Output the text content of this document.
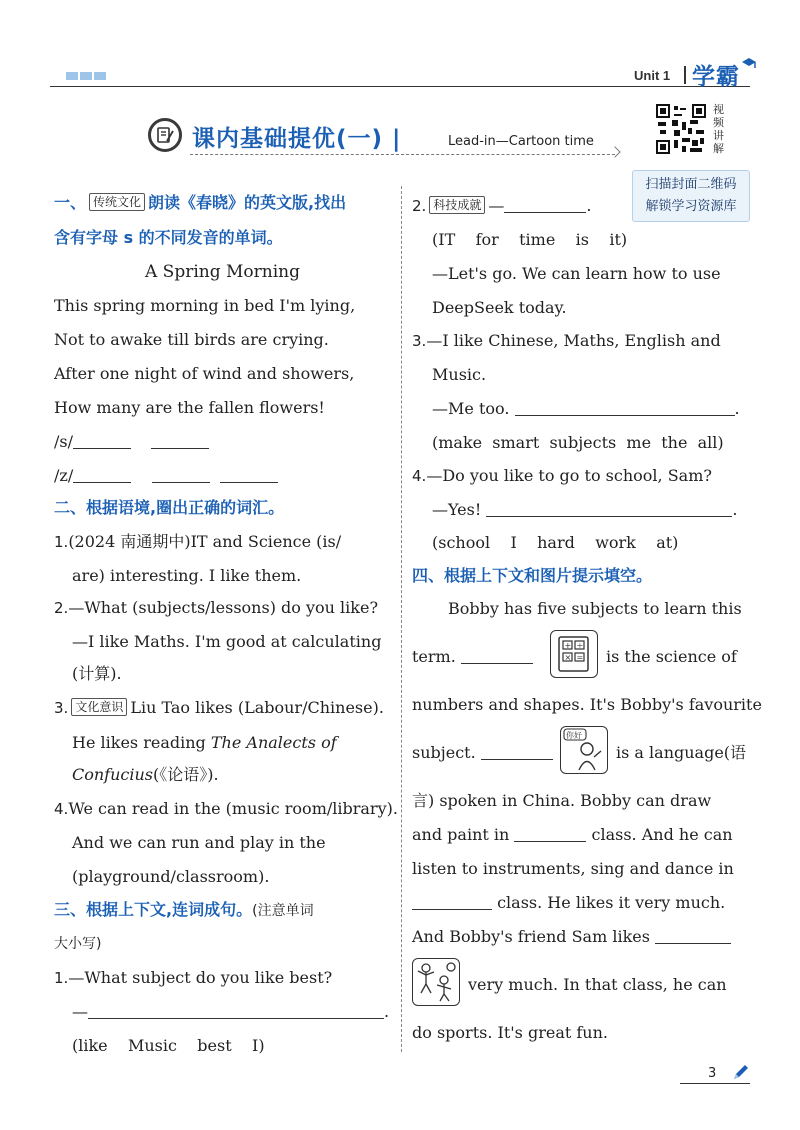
Unit 1 学霸
课内基础提优(一) |	Lead-in—Cartoon time
视
频
讲
解
扫描封面二维码
解锁学习资源库
一、 传统文化 朗读《春晓》的英文版,找出
含有字母 s 的不同发音的单词。
A Spring Morning
This spring morning in bed I'm lying,
Not to awake till birds are crying.
After one night of wind and showers,
How many are the fallen flowers!
/s/
/z/
二、根据语境,圈出正确的词汇。
1.(2024 南通期中)IT and Science (is/
are) interesting. I like them.
2.—What (subjects/lessons) do you like?
—I like Maths. I'm good at calculating
(计算).
3. 文化意识 Liu Tao likes (Labour/Chinese).
He likes reading The Analects of
Confucius(《论语》).
4.We can read in the (music room/library).
And we can run and play in the
(playground/classroom).
三、根据上下文,连词成句。(注意单词
大小写)
1.—What subject do you like best?
—	.
(like    Music    best    I)
2. 科技成就 —	.
(IT    for    time    is    it)
—Let's go. We can learn how to use
DeepSeek today.
3.—I like Chinese, Maths, English and
Music.
—Me too.	.
(make  smart  subjects  me  the  all)
4.—Do you like to go to school, Sam?
—Yes!	.
(school    I    hard    work    at)
四、根据上下文和图片提示填空。
Bobby has five subjects to learn this
term.
+ ÷
× = is the science of
numbers and shapes. It's Bobby's favourite
subject.
你好
is a language(语
言) spoken in China. Bobby can draw
and paint in	class. And he can
listen to instruments, sing and dance in
class. He likes it very much.
And Bobby's friend Sam likes
very much. In that class, he can
do sports. It's great fun.
3
